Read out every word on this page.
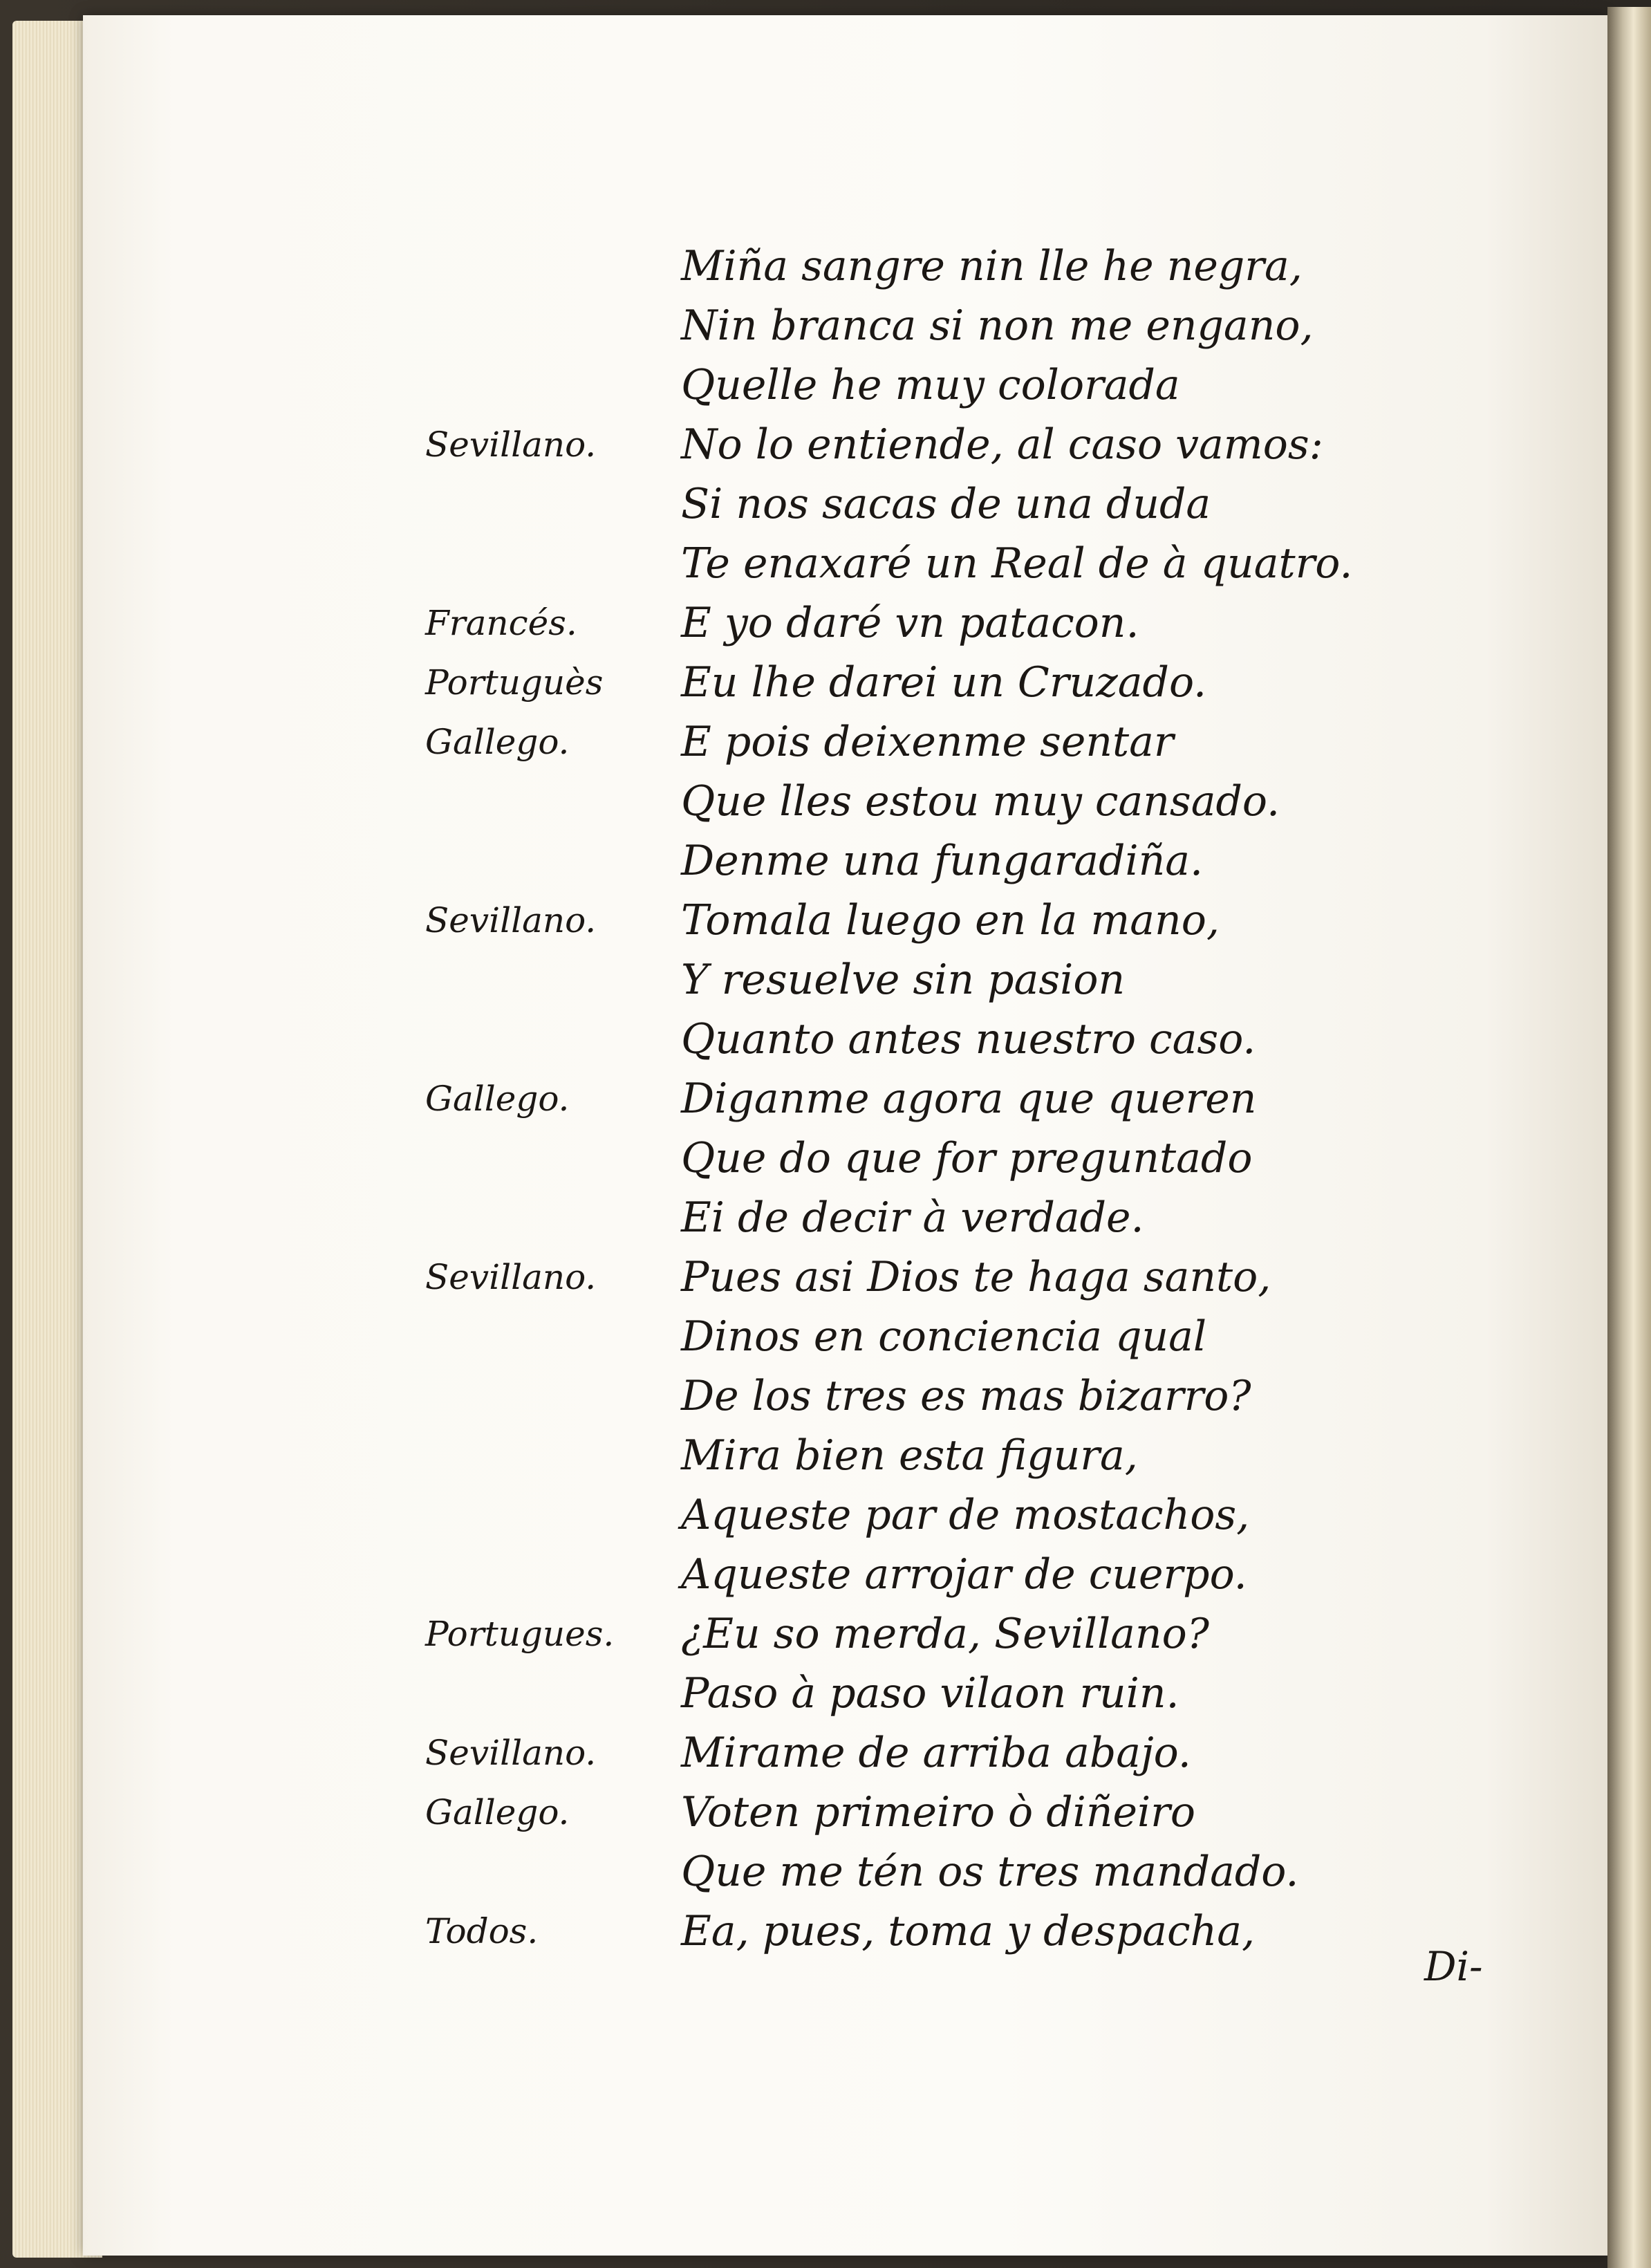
Miña sangre nin lle he negra,
Nin branca si non me engano,
Quelle he muy colorada
Sevillano. No lo entiende, al caso vamos:
Si nos sacas de una duda
Te enaxaré un Real de à quatro.
Francés.	E yo daré vn patacon.
Portuguès Eu lhe darei un Cruzado.
Gallego.	E pois deixenme sentar
Que lles estou muy cansado.
Denme una fungaradiña.
Sevillano. Tomala luego en la mano,
Y resuelve sin pasion
Quanto antes nuestro caso.
Gallego.	Diganme agora que queren
Que do que for preguntado
Ei de decir à verdade.
Sevillano. Pues asi Dios te haga santo,
Dinos en conciencia qual
De los tres es mas bizarro?
Mira bien esta figura,
Aqueste par de mostachos,
Aqueste arrojar de cuerpo.
Portugues. ¿Eu so merda, Sevillano?
Paso à paso vilaon ruin.
Sevillano. Mirame de arriba abajo.
Gallego.	Voten primeiro ò diñeiro
Que me tén os tres mandado.
Todos.	Ea, pues, toma y despacha,
Di-
